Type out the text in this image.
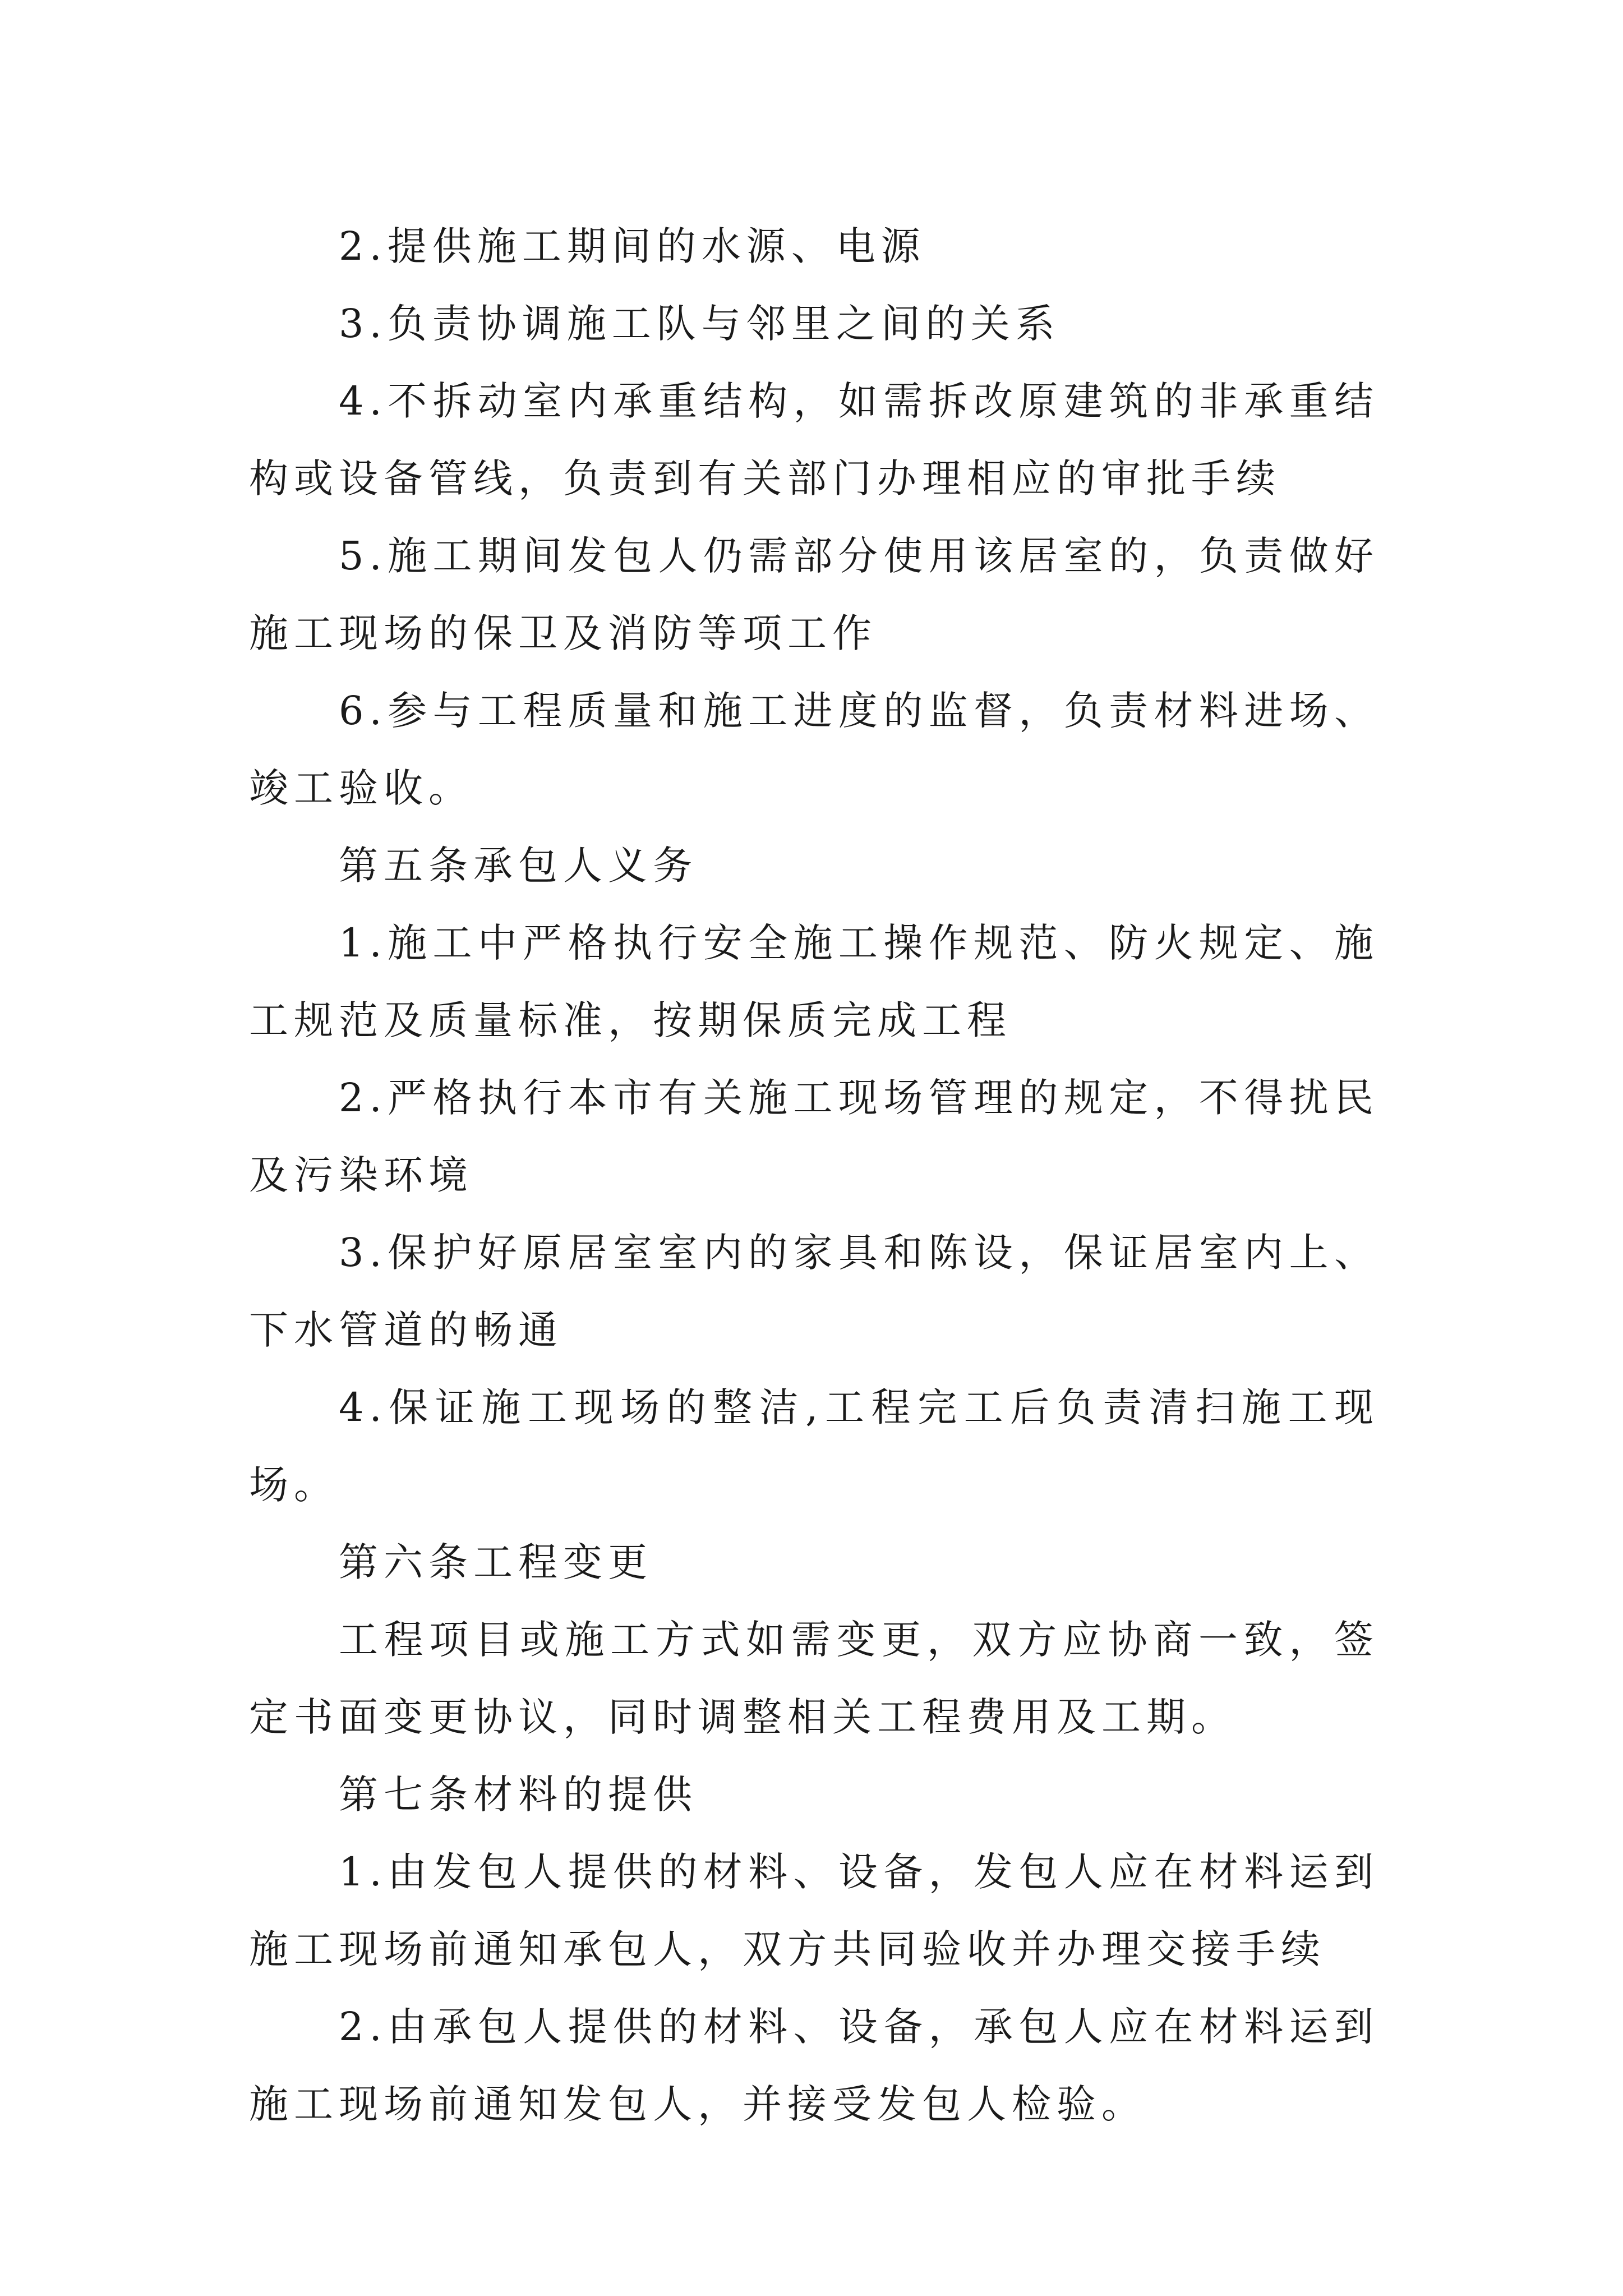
2.提供施工期间的水源、电源

3.负责协调施工队与邻里之间的关系

4.不拆动室内承重结构，如需拆改原建筑的非承重结构或设备管线，负责到有关部门办理相应的审批手续

5.施工期间发包人仍需部分使用该居室的，负责做好施工现场的保卫及消防等项工作

6.参与工程质量和施工进度的监督，负责材料进场、竣工验收。

第五条承包人义务

1.施工中严格执行安全施工操作规范、防火规定、施工规范及质量标准，按期保质完成工程

2.严格执行本市有关施工现场管理的规定，不得扰民及污染环境

3.保护好原居室室内的家具和陈设，保证居室内上、下水管道的畅通

4.保证施工现场的整洁,工程完工后负责清扫施工现场。

第六条工程变更

工程项目或施工方式如需变更，双方应协商一致，签定书面变更协议，同时调整相关工程费用及工期。

第七条材料的提供

1.由发包人提供的材料、设备，发包人应在材料运到施工现场前通知承包人，双方共同验收并办理交接手续

2.由承包人提供的材料、设备，承包人应在材料运到施工现场前通知发包人，并接受发包人检验。
